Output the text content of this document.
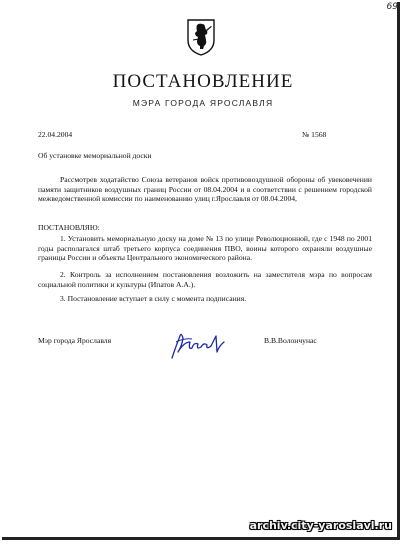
69
ПОСТАНОВЛЕНИЕ
МЭРА ГОРОДА ЯРОСЛАВЛЯ
22.04.2004	№ 1568
Об установке мемориальной доски
Рассмотрев ходатайство Союза ветеранов войск противовоздушной обороны об увековечении памяти защитников воздушных границ России от 08.04.2004 и в соответствии с решением городской межведомственной комиссии по наименованию улиц г.Ярославля от 08.04.2004,
ПОСТАНОВЛЯЮ:
1. Установить мемориальную доску на доме № 13 по улице Революционной, где с 1948 по 2001 годы располагался штаб третьего корпуса соединения ПВО, воины которого охраняли воздушные границы России и объекты Центрального экономического района.
2. Контроль за исполнением постановления возложить на заместителя мэра по вопросам социальной политики и культуры (Ипатов А.А.).
3. Постановление вступает в силу с момента подписания.
Мэр города Ярославля	В.В.Волончунас
archiv.city-yaroslavl.ru
